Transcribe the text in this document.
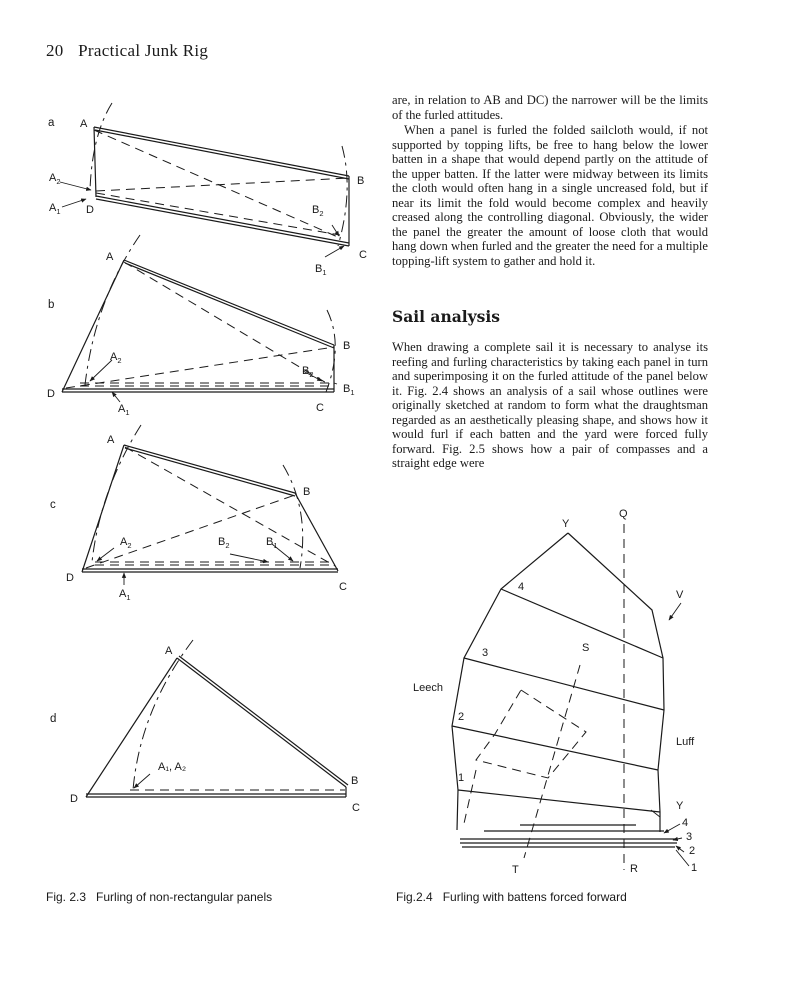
20 Practical Junk Rig

are, in relation to AB and DC) the narrower will be the limits of the furled attitudes.

When a panel is furled the folded sailcloth would, if not supported by topping lifts, be free to hang below the lower batten in a shape that would depend partly on the attitude of the upper batten. If the latter were midway between its limits the cloth would often hang in a single uncreased fold, but if near its limit the fold would become complex and heavily creased along the controlling diagonal. Obviously, the wider the panel the greater the amount of loose cloth that would hang down when furled and the greater the need for a multiple topping-lift system to gather and hold it.

Sail analysis

When drawing a complete sail it is necessary to analyse its reefing and furling characteristics by taking each panel in turn and superimposing it on the furled attitude of the panel below it. Fig. 2.4 shows an analysis of a sail whose outlines were originally sketched at random to form what the draughtsman regarded as an aesthetically pleasing shape, and shows how it would furl if each batten and the yard were forced fully forward. Fig. 2.5 shows how a pair of compasses and a straight edge were

a A
B
C
D
$A_2$
$A_1$	$B_2$
$B_1$
b
A
B
C
D
$A_2$
$A_1$
$B_2$
$B_1$
c
A
B
C
D
$A_2$
$A_1$
$B_2$	$B_1$
d
A
B
C
D
A₁, A₂
Y
Q
V
S
T	R
Leech
Luff
Y
4
3
2
1
4
3
2
1
Fig. 2.3 Furling of non-rectangular panels	Fig.2.4 Furling with battens forced forward
